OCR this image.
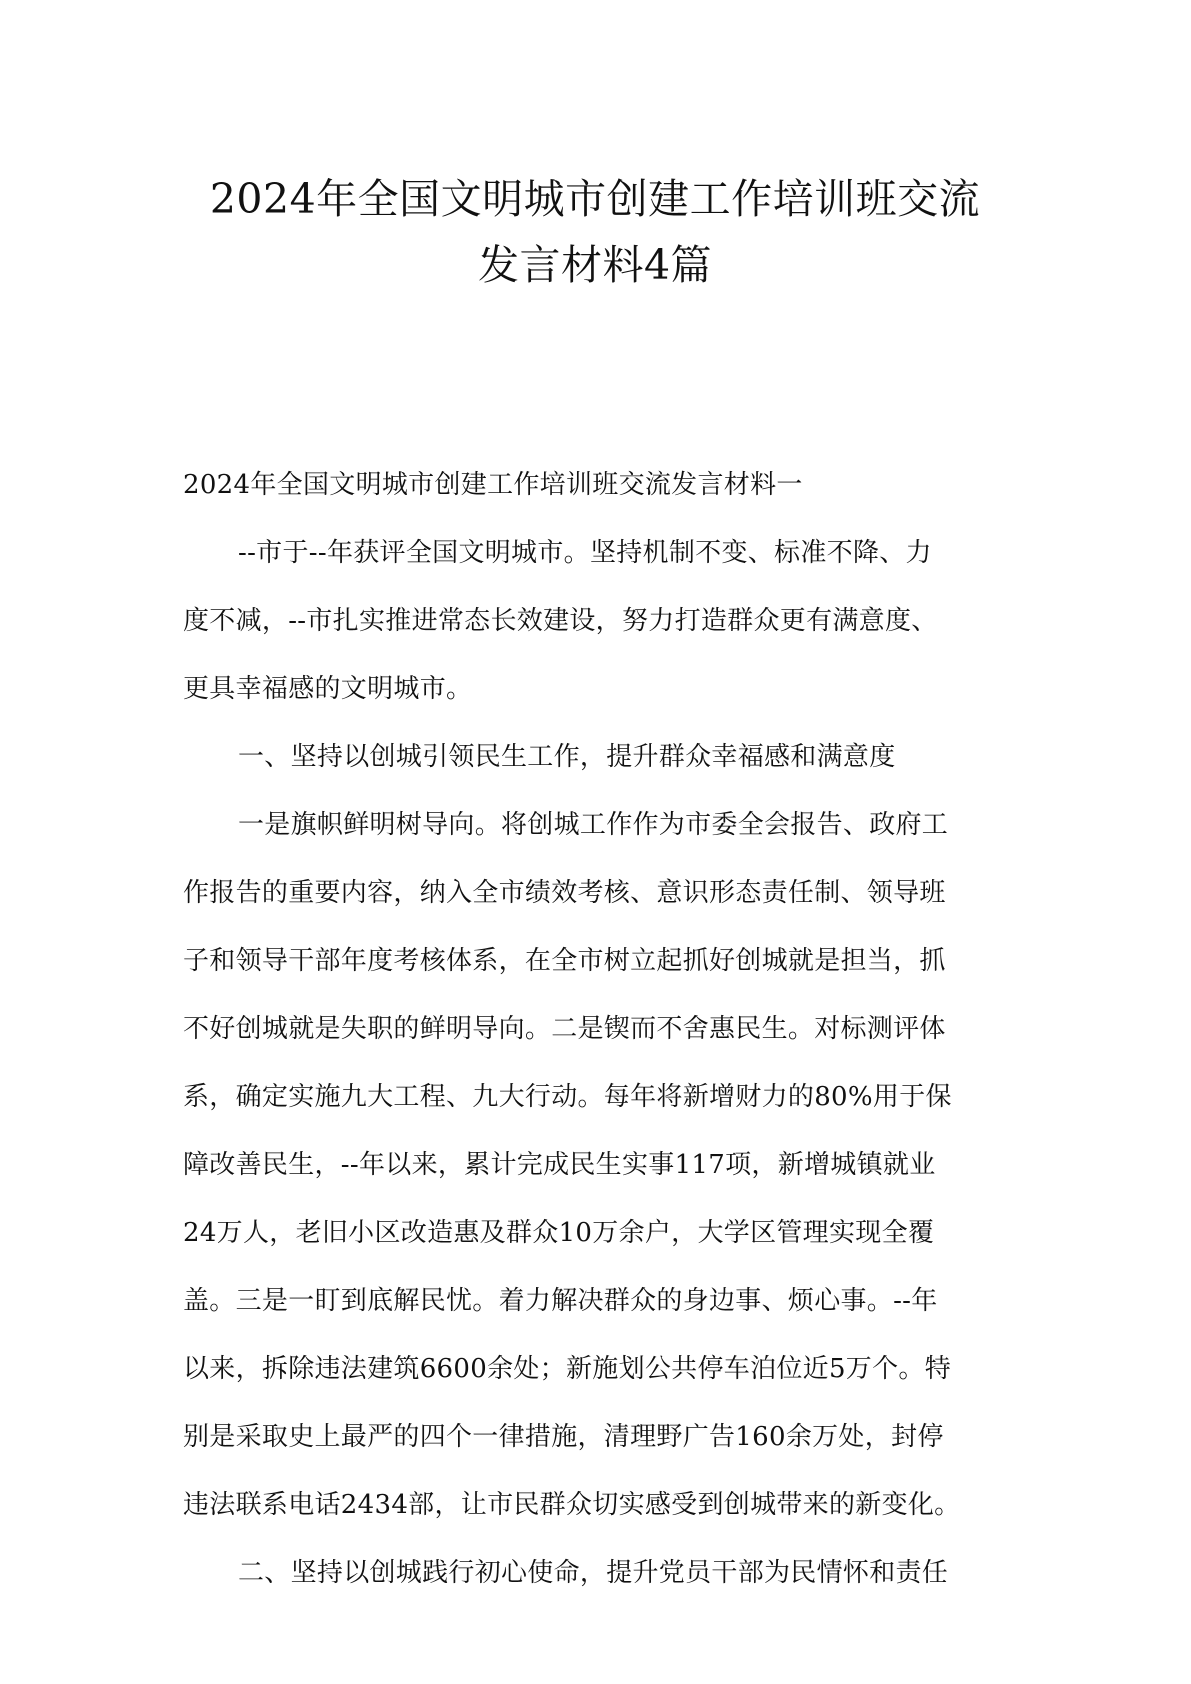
2024年全国文明城市创建工作培训班交流
发言材料4篇
2024年全国文明城市创建工作培训班交流发言材料一
--市于--年获评全国文明城市。坚持机制不变、标准不降、力
度不减，--市扎实推进常态长效建设，努力打造群众更有满意度、
更具幸福感的文明城市。
一、坚持以创城引领民生工作，提升群众幸福感和满意度
一是旗帜鲜明树导向。将创城工作作为市委全会报告、政府工
作报告的重要内容，纳入全市绩效考核、意识形态责任制、领导班
子和领导干部年度考核体系，在全市树立起抓好创城就是担当，抓
不好创城就是失职的鲜明导向。二是锲而不舍惠民生。对标测评体
系，确定实施九大工程、九大行动。每年将新增财力的80%用于保
障改善民生，--年以来，累计完成民生实事117项，新增城镇就业
24万人，老旧小区改造惠及群众10万余户，大学区管理实现全覆
盖。三是一盯到底解民忧。着力解决群众的身边事、烦心事。--年
以来，拆除违法建筑6600余处；新施划公共停车泊位近5万个。特
别是采取史上最严的四个一律措施，清理野广告160余万处，封停
违法联系电话2434部，让市民群众切实感受到创城带来的新变化。
二、坚持以创城践行初心使命，提升党员干部为民情怀和责任
